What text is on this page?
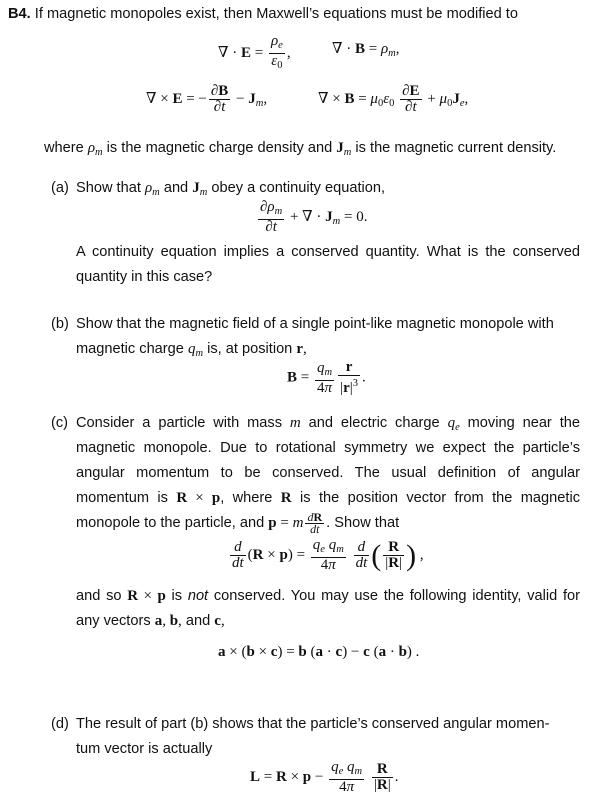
B4. If magnetic monopoles exist, then Maxwell’s equations must be modified to
∇ · $E = \frac{\rho_e}{\varepsilon_0}$ ,	∇ · $B = \rho_m$,
∇ × E = − $\frac{\partial B}{\partial t} - J_m$,	∇ × $B = \mu_0\varepsilon_0 \frac{\partial E}{\partial t} + \mu_0J_e$,
where $\rho_m$ is the magnetic charge density and $J_m$ is the magnetic current density.
(a) Show that $\rho_m$ and $J_m$ obey a continuity equation,
$\frac{\partial\rho_m}{\partial t}$ + ∇ · $J_m = 0$.
A continuity equation implies a conserved quantity. What is the conserved quantity in this case?
(b) Show that the magnetic field of a single point-like magnetic monopole with
magnetic charge $q_m$ is, at position r,
$B = \frac{q_m}{4\pi} \frac{r}{|r|^3}$ .
(c) Consider a particle with mass m and electric charge $q_e$ moving near the
magnetic monopole. Due to rotational symmetry we expect the particle’s
angular momentum to be conserved. The usual definition of angular
momentum is R × p, where R is the position vector from the magnetic
monopole to the particle, and p = m $\frac{dR}{dt}$ . Show that
$\frac{d}{dt} (R \times p) = \frac{q_e q_m}{4\pi}$
$\frac{d}{dt}$ ( $\frac{R}{|R|}$ ) ,
and so R × p is not conserved. You may use the following identity, valid for
any vectors a, b, and c,
a × (b × c) = b (a · c) − c (a · b) .
(d) The result of part (b) shows that the particle’s conserved angular momen-
tum vector is actually
$L = R \times p - \frac{q_e q_m}{4\pi}$
$\frac{R}{|R|}$ .
